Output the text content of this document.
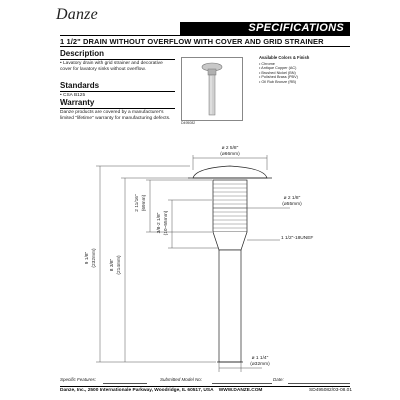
Danze
SPECIFICATIONS
1 1/2" DRAIN WITHOUT OVERFLOW WITH COVER AND GRID STRAINER
Description
• Lavatory drain with grid strainer and decorative cover for lavatory sinks without overflow.
Standards
• CSA B125
Warranty
Danze products are covered by a manufacturer's limited "lifetime" warranty for manufacturing defects.
D495082
Available Colors & Finish
• Chrome
• Antique Copper (AC)
• Brushed Nickel (BN)
• Polished Brass (PBV)
• Oil Rub Bronze (RB)
ø 2 5/8"
(ø66mm)
ø 2 1/8"
(ø55mm)
1 1/2"-18UNEF
ø 1 1/4"
(ø32mm)
9 1/8" (232mm)	8 3/8" (214mm)
2 11/16" (69mm)
3/8-2 1/8" (10~55mm)
Specific Features:	Submitted Model No:	Date:
Danze, Inc., 2500 Internationale Parkway, Woodridge, IL 60517, USA WWW.DANZE.COM	SD495082/03-08.01
